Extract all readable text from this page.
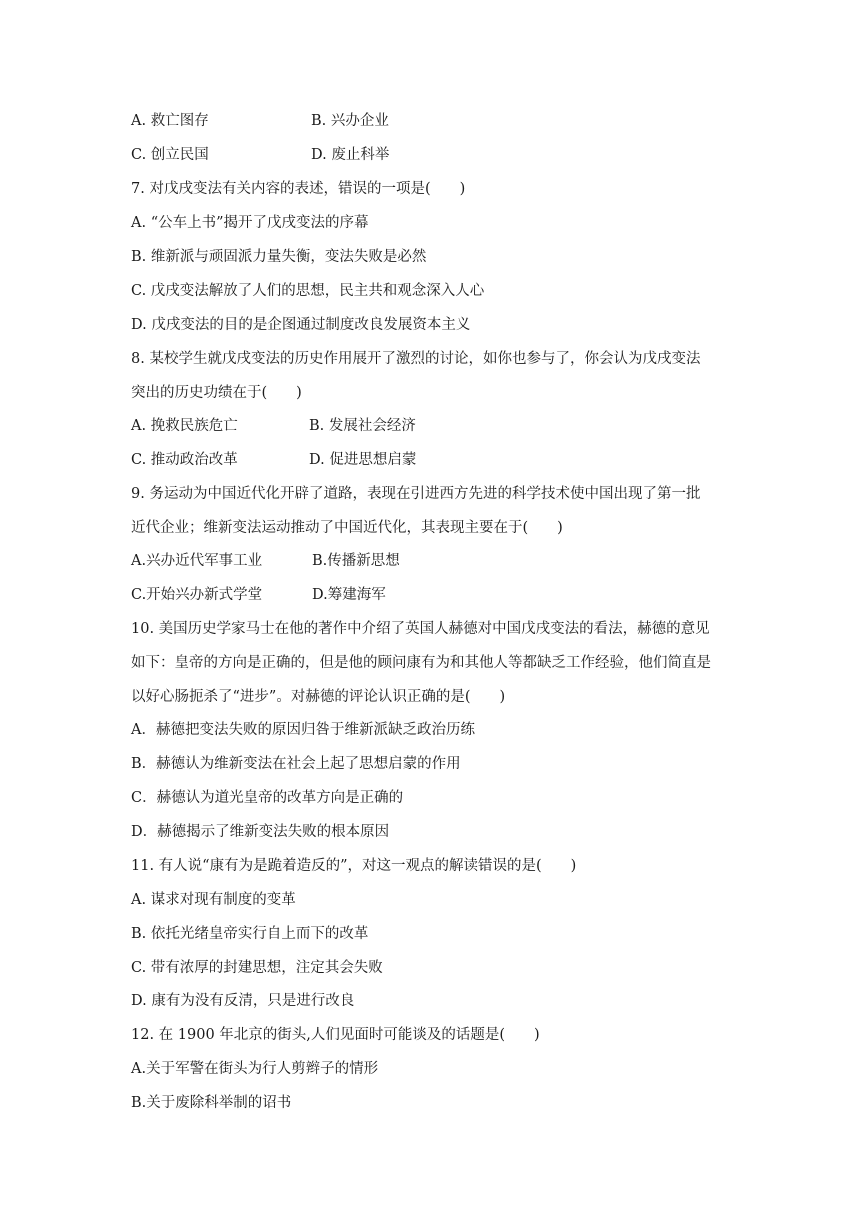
A. 救亡图存	B. 兴办企业
C. 创立民国	D. 废止科举
7. 对戊戌变法有关内容的表述，错误的一项是(　　)
A. “公车上书”揭开了戊戌变法的序幕
B. 维新派与顽固派力量失衡，变法失败是必然
C. 戊戌变法解放了人们的思想，民主共和观念深入人心
D. 戊戌变法的目的是企图通过制度改良发展资本主义
8. 某校学生就戊戌变法的历史作用展开了激烈的讨论，如你也参与了，你会认为戊戌变法
突出的历史功绩在于(　　)
A. 挽救民族危亡	B. 发展社会经济
C. 推动政治改革	D. 促进思想启蒙
9. 务运动为中国近代化开辟了道路，表现在引进西方先进的科学技术使中国出现了第一批
近代企业；维新变法运动推动了中国近代化，其表现主要在于(　　)
A.兴办近代军事工业	B.传播新思想
C.开始兴办新式学堂	D.筹建海军
10. 美国历史学家马士在他的著作中介绍了英国人赫德对中国戊戌变法的看法，赫德的意见
如下：皇帝的方向是正确的，但是他的顾问康有为和其他人等都缺乏工作经验，他们简直是
以好心肠扼杀了“进步”。对赫德的评论认识正确的是(　　)
A．赫德把变法失败的原因归咎于维新派缺乏政治历练
B．赫德认为维新变法在社会上起了思想启蒙的作用
C．赫德认为道光皇帝的改革方向是正确的
D．赫德揭示了维新变法失败的根本原因
11. 有人说“康有为是跪着造反的”，对这一观点的解读错误的是(　　)
A. 谋求对现有制度的变革
B. 依托光绪皇帝实行自上而下的改革
C. 带有浓厚的封建思想，注定其会失败
D. 康有为没有反清，只是进行改良
12. 在 1900 年北京的街头,人们见面时可能谈及的话题是(　　)
A.关于军警在街头为行人剪辫子的情形
B.关于废除科举制的诏书
